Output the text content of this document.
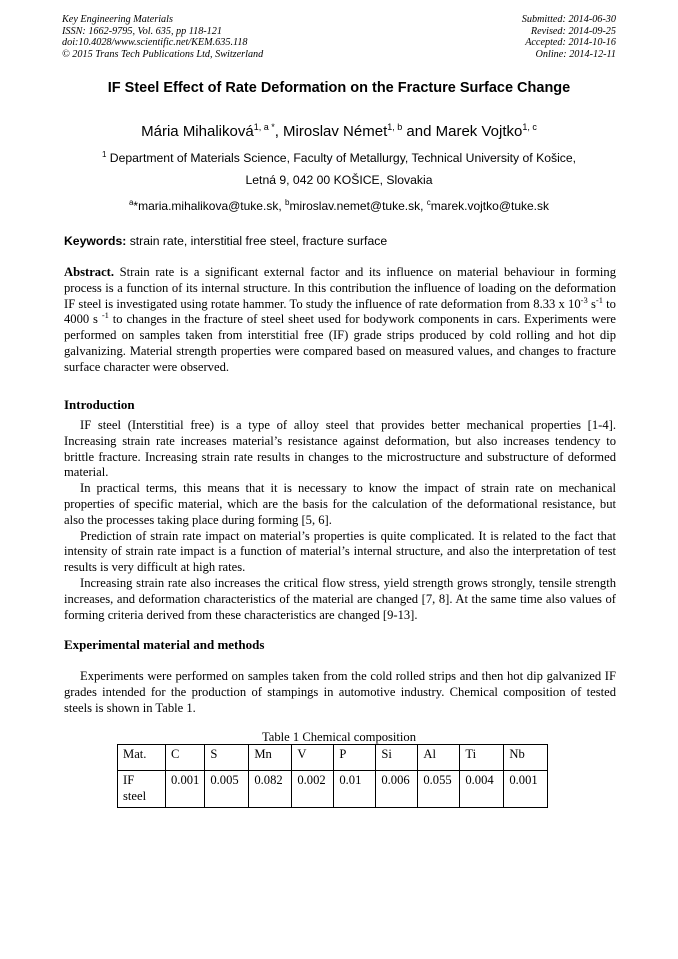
Key Engineering Materials
ISSN: 1662-9795, Vol. 635, pp 118-121
doi:10.4028/www.scientific.net/KEM.635.118
© 2015 Trans Tech Publications Ltd, Switzerland
Submitted: 2014-06-30
Revised: 2014-09-25
Accepted: 2014-10-16
Online: 2014-12-11
IF Steel Effect of Rate Deformation on the Fracture Surface Change
Mária Mihaliková$^{1, a *}$, Miroslav Német$^{1, b}$ and Marek Vojtko$^{1, c}$
$^1$ Department of Materials Science, Faculty of Metallurgy, Technical University of Košice,
Letná 9, 042 00 KOŠICE, Slovakia
$^a$*maria.mihalikova@tuke.sk, $^b$miroslav.nemet@tuke.sk, $^c$marek.vojtko@tuke.sk
Keywords: strain rate, interstitial free steel, fracture surface

Abstract. Strain rate is a significant external factor and its influence on material behaviour in forming process is a function of its internal structure. In this contribution the influence of loading on the deformation IF steel is investigated using rotate hammer. To study the influence of rate deformation from 8.33 x $10^{-3}$ $s^{-1}$ to 4000 s $^{-1}$ to changes in the fracture of steel sheet used for bodywork components in cars. Experiments were performed on samples taken from interstitial free (IF) grade strips produced by cold rolling and hot dip galvanizing. Material strength properties were compared based on measured values, and changes to fracture surface character were observed.

Introduction

IF steel (Interstitial free) is a type of alloy steel that provides better mechanical properties [1-4]. Increasing strain rate increases material’s resistance against deformation, but also increases tendency to brittle fracture. Increasing strain rate results in changes to the microstructure and substructure of deformed material.

In practical terms, this means that it is necessary to know the impact of strain rate on mechanical properties of specific material, which are the basis for the calculation of the deformational resistance, but also the processes taking place during forming [5, 6].

Prediction of strain rate impact on material’s properties is quite complicated. It is related to the fact that intensity of strain rate impact is a function of material’s internal structure, and also the interpretation of test results is very difficult at high rates.

Increasing strain rate also increases the critical flow stress, yield strength grows strongly, tensile strength increases, and deformation characteristics of the material are changed [7, 8]. At the same time also values of forming criteria derived from these characteristics are changed [9-13].

Experimental material and methods

Experiments were performed on samples taken from the cold rolled strips and then hot dip galvanized IF grades intended for the production of stampings in automotive industry. Chemical composition of tested steels is shown in Table 1.

Table 1 Chemical composition
Mat.	C	S	Mn	V	P	Si	Al	Ti	Nb
IF steel	0.001	0.005	0.082	0.002	0.01	0.006	0.055	0.004	0.001
